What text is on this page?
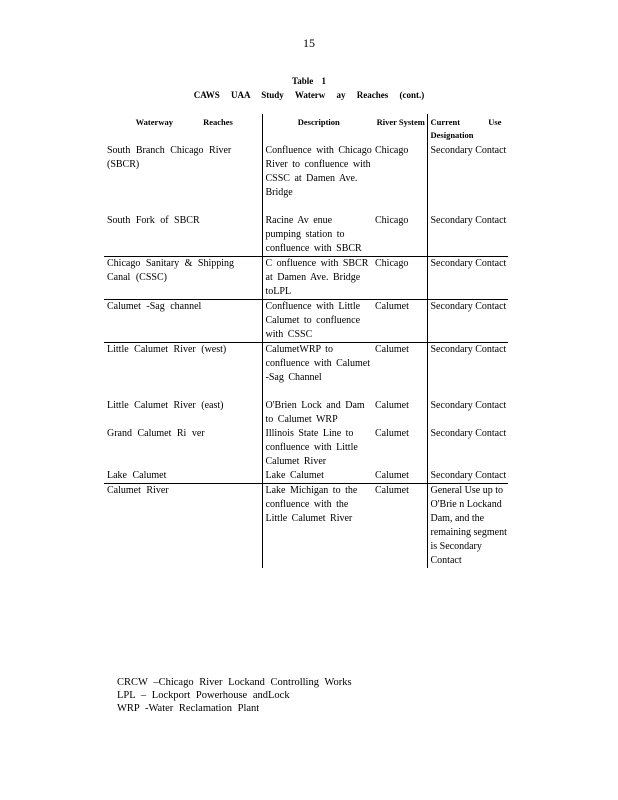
15
Table 1
CAWS UAA Study Waterw ay Reaches (cont.)
Waterway Reaches	Description	River System	Current Use Designation
South Branch Chicago River (SBCR)	Confluence with Chicago River to confluence with CSSC at Damen Ave. Bridge	Chicago	Secondary Contact
South Fork of SBCR	Racine Av enue pumping station to confluence with SBCR	Chicago	Secondary Contact
Chicago Sanitary & Shipping Canal (CSSC)	C onfluence with SBCR at Damen Ave. Bridge toLPL	Chicago	Secondary Contact
Calumet -Sag channel	Confluence with Little Calumet to confluence with CSSC	Calumet	Secondary Contact
Little Calumet River (west)	CalumetWRP to confluence with Calumet -Sag Channel	Calumet	Secondary Contact
Little Calumet River (east)	O'Brien Lock and Dam to Calumet WRP	Calumet	Secondary Contact
Grand Calumet Ri ver	Illinois State Line to confluence with Little Calumet River	Calumet	Secondary Contact
Lake Calumet	Lake Calumet	Calumet	Secondary Contact
Calumet River	Lake Michigan to the confluence with the Little Calumet River	Calumet	General Use up to O'Brie n Lockand Dam, and the remaining segment is Secondary Contact
CRCW –Chicago River Lockand Controlling Works
LPL – Lockport Powerhouse andLock
WRP -Water Reclamation Plant
